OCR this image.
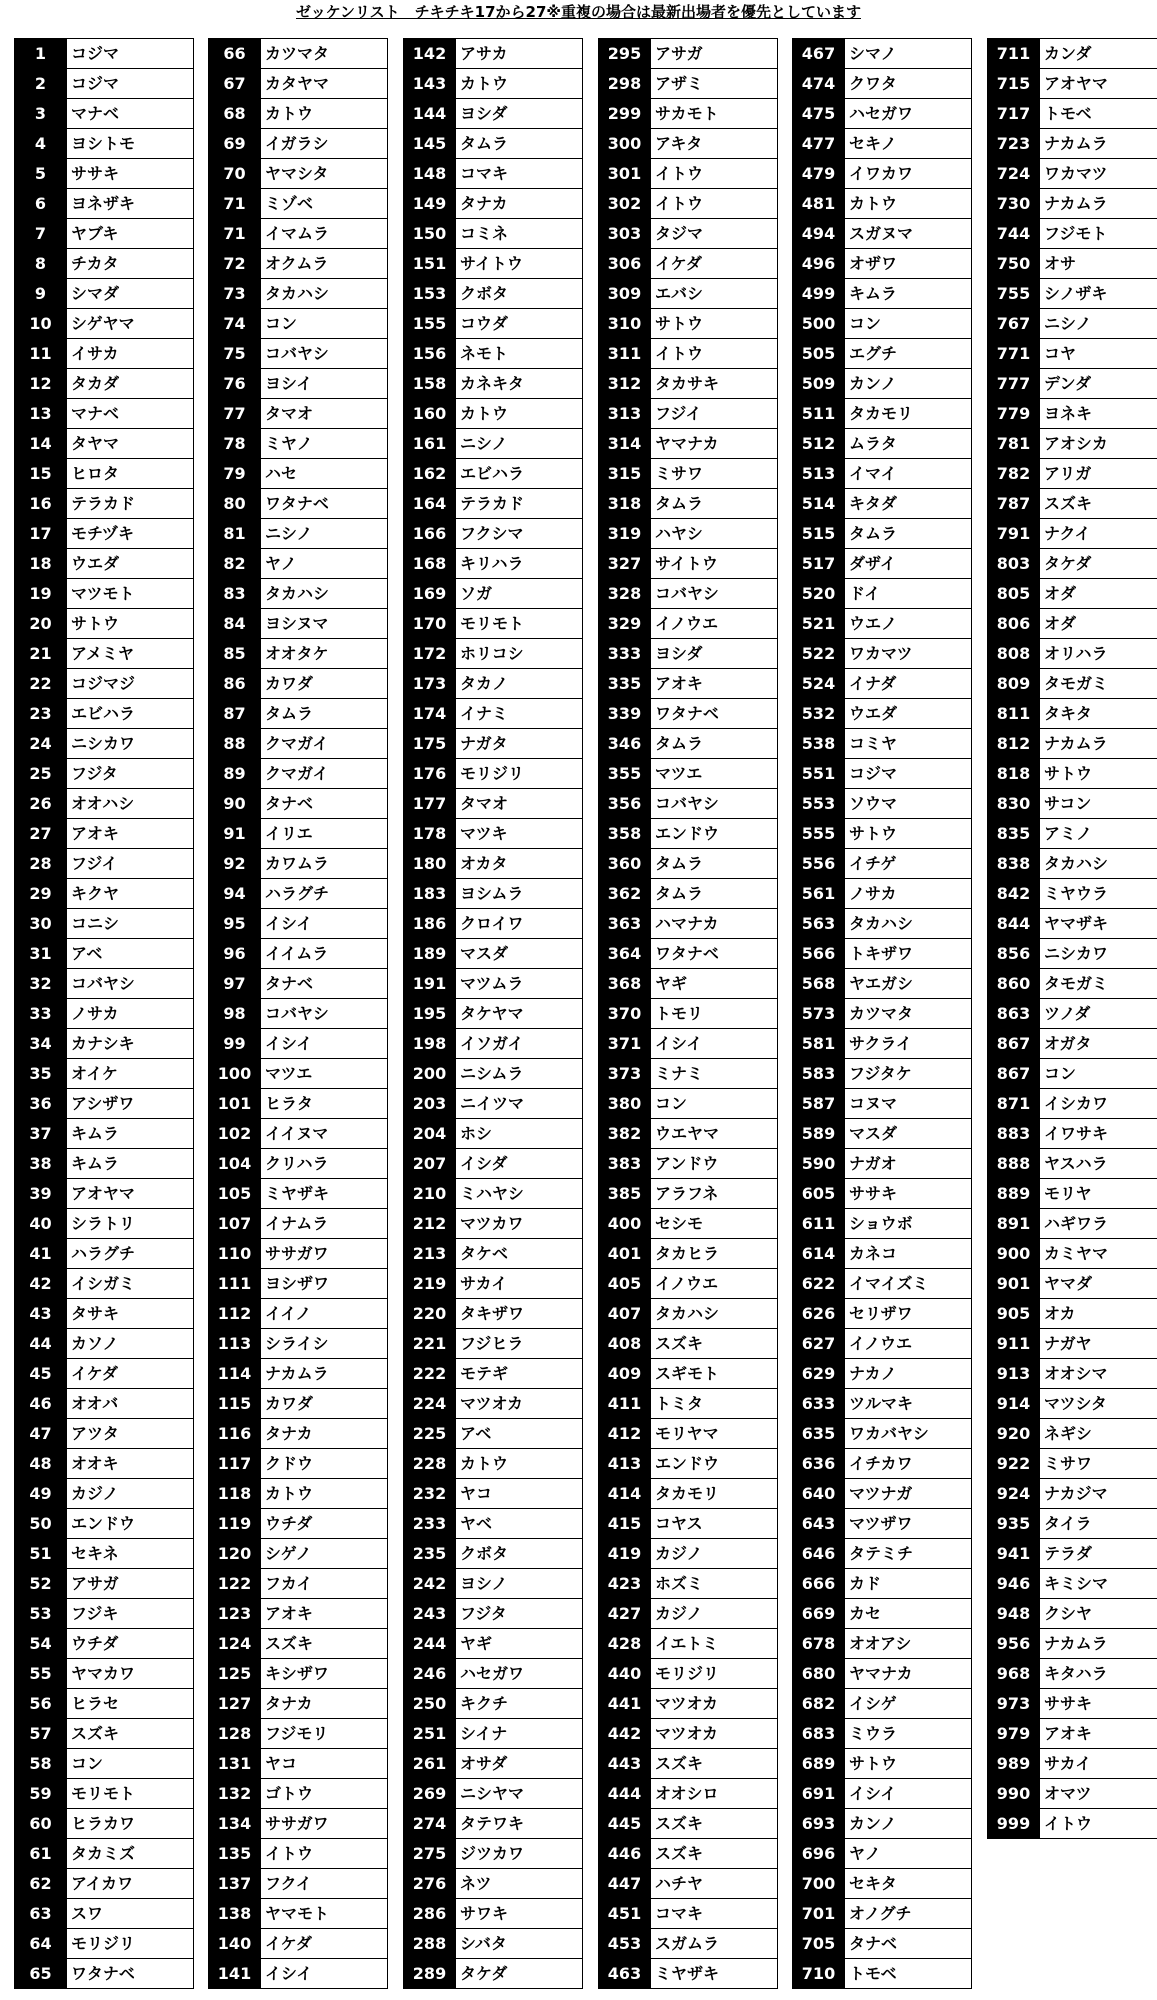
ゼッケンリスト　チキチキ17から27※重複の場合は最新出場者を優先としています
1	コジマ
2	コジマ
3	マナベ
4	ヨシトモ
5	ササキ
6	ヨネザキ
7	ヤブキ
8	チカタ
9	シマダ
10	シゲヤマ
11	イサカ
12	タカダ
13	マナベ
14	タヤマ
15	ヒロタ
16	テラカド
17	モチヅキ
18	ウエダ
19	マツモト
20	サトウ
21	アメミヤ
22	コジマジ
23	エビハラ
24	ニシカワ
25	フジタ
26	オオハシ
27	アオキ
28	フジイ
29	キクヤ
30	コニシ
31	アベ
32	コバヤシ
33	ノサカ
34	カナシキ
35	オイケ
36	アシザワ
37	キムラ
38	キムラ
39	アオヤマ
40	シラトリ
41	ハラグチ
42	イシガミ
43	タサキ
44	カソノ
45	イケダ
46	オオバ
47	アツタ
48	オオキ
49	カジノ
50	エンドウ
51	セキネ
52	アサガ
53	フジキ
54	ウチダ
55	ヤマカワ
56	ヒラセ
57	スズキ
58	コン
59	モリモト
60	ヒラカワ
61	タカミズ
62	アイカワ
63	スワ
64	モリジリ
65	ワタナベ
66	カツマタ
67	カタヤマ
68	カトウ
69	イガラシ
70	ヤマシタ
71	ミゾベ
71	イマムラ
72	オクムラ
73	タカハシ
74	コン
75	コバヤシ
76	ヨシイ
77	タマオ
78	ミヤノ
79	ハセ
80	ワタナベ
81	ニシノ
82	ヤノ
83	タカハシ
84	ヨシヌマ
85	オオタケ
86	カワダ
87	タムラ
88	クマガイ
89	クマガイ
90	タナベ
91	イリエ
92	カワムラ
94	ハラグチ
95	イシイ
96	イイムラ
97	タナベ
98	コバヤシ
99	イシイ
100 マツエ
101 ヒラタ
102 イイヌマ
104 クリハラ
105 ミヤザキ
107 イナムラ
110 ササガワ
111 ヨシザワ
112 イイノ
113 シライシ
114 ナカムラ
115 カワダ
116 タナカ
117 クドウ
118 カトウ
119 ウチダ
120 シゲノ
122 フカイ
123 アオキ
124 スズキ
125 キシザワ
127 タナカ
128 フジモリ
131 ヤコ
132 ゴトウ
134 ササガワ
135 イトウ
137 フクイ
138 ヤマモト
140 イケダ
141 イシイ
142 アサカ
143 カトウ
144 ヨシダ
145 タムラ
148 コマキ
149 タナカ
150 コミネ
151 サイトウ
153 クボタ
155 コウダ
156 ネモト
158 カネキタ
160 カトウ
161 ニシノ
162 エビハラ
164 テラカド
166 フクシマ
168 キリハラ
169 ソガ
170 モリモト
172 ホリコシ
173 タカノ
174 イナミ
175 ナガタ
176 モリジリ
177 タマオ
178 マツキ
180 オカタ
183 ヨシムラ
186 クロイワ
189 マスダ
191 マツムラ
195 タケヤマ
198 イソガイ
200 ニシムラ
203 ニイツマ
204 ホシ
207 イシダ
210 ミハヤシ
212 マツカワ
213 タケベ
219 サカイ
220 タキザワ
221 フジヒラ
222 モテギ
224 マツオカ
225 アベ
228 カトウ
232 ヤコ
233 ヤベ
235 クボタ
242 ヨシノ
243 フジタ
244 ヤギ
246 ハセガワ
250 キクチ
251 シイナ
261 オサダ
269 ニシヤマ
274 タテワキ
275 ジツカワ
276 ネツ
286 サワキ
288 シバタ
289 タケダ
295 アサガ
298 アザミ
299 サカモト
300 アキタ
301 イトウ
302 イトウ
303 タジマ
306 イケダ
309 エバシ
310 サトウ
311 イトウ
312 タカサキ
313 フジイ
314 ヤマナカ
315 ミサワ
318 タムラ
319 ハヤシ
327 サイトウ
328 コバヤシ
329 イノウエ
333 ヨシダ
335 アオキ
339 ワタナベ
346 タムラ
355 マツエ
356 コバヤシ
358 エンドウ
360 タムラ
362 タムラ
363 ハマナカ
364 ワタナベ
368 ヤギ
370 トモリ
371 イシイ
373 ミナミ
380 コン
382 ウエヤマ
383 アンドウ
385 アラフネ
400 セシモ
401 タカヒラ
405 イノウエ
407 タカハシ
408 スズキ
409 スギモト
411 トミタ
412 モリヤマ
413 エンドウ
414 タカモリ
415 コヤス
419 カジノ
423 ホズミ
427 カジノ
428 イエトミ
440 モリジリ
441 マツオカ
442 マツオカ
443 スズキ
444 オオシロ
445 スズキ
446 スズキ
447 ハチヤ
451 コマキ
453 スガムラ
463 ミヤザキ
467 シマノ
474 クワタ
475 ハセガワ
477 セキノ
479 イワカワ
481 カトウ
494 スガヌマ
496 オザワ
499 キムラ
500 コン
505 エグチ
509 カンノ
511 タカモリ
512 ムラタ
513 イマイ
514 キタダ
515 タムラ
517 ダザイ
520 ドイ
521 ウエノ
522 ワカマツ
524 イナダ
532 ウエダ
538 コミヤ
551 コジマ
553 ソウマ
555 サトウ
556 イチゲ
561 ノサカ
563 タカハシ
566 トキザワ
568 ヤエガシ
573 カツマタ
581 サクライ
583 フジタケ
587 コヌマ
589 マスダ
590 ナガオ
605 ササキ
611 ショウボ
614 カネコ
622 イマイズミ
626 セリザワ
627 イノウエ
629 ナカノ
633 ツルマキ
635 ワカバヤシ
636 イチカワ
640 マツナガ
643 マツザワ
646 タテミチ
666 カド
669 カセ
678 オオアシ
680 ヤマナカ
682 イシゲ
683 ミウラ
689 サトウ
691 イシイ
693 カンノ
696 ヤノ
700 セキタ
701 オノグチ
705 タナベ
710 トモベ
711 カンダ
715 アオヤマ
717 トモベ
723 ナカムラ
724 ワカマツ
730 ナカムラ
744 フジモト
750 オサ
755 シノザキ
767 ニシノ
771 コヤ
777 デンダ
779 ヨネキ
781 アオシカ
782 アリガ
787 スズキ
791 ナクイ
803 タケダ
805 オダ
806 オダ
808 オリハラ
809 タモガミ
811 タキタ
812 ナカムラ
818 サトウ
830 サコン
835 アミノ
838 タカハシ
842 ミヤウラ
844 ヤマザキ
856 ニシカワ
860 タモガミ
863 ツノダ
867 オガタ
867 コン
871 イシカワ
883 イワサキ
888 ヤスハラ
889 モリヤ
891 ハギワラ
900 カミヤマ
901 ヤマダ
905 オカ
911 ナガヤ
913 オオシマ
914 マツシタ
920 ネギシ
922 ミサワ
924 ナカジマ
935 タイラ
941 テラダ
946 キミシマ
948 クシヤ
956 ナカムラ
968 キタハラ
973 ササキ
979 アオキ
989 サカイ
990 オマツ
999 イトウ
